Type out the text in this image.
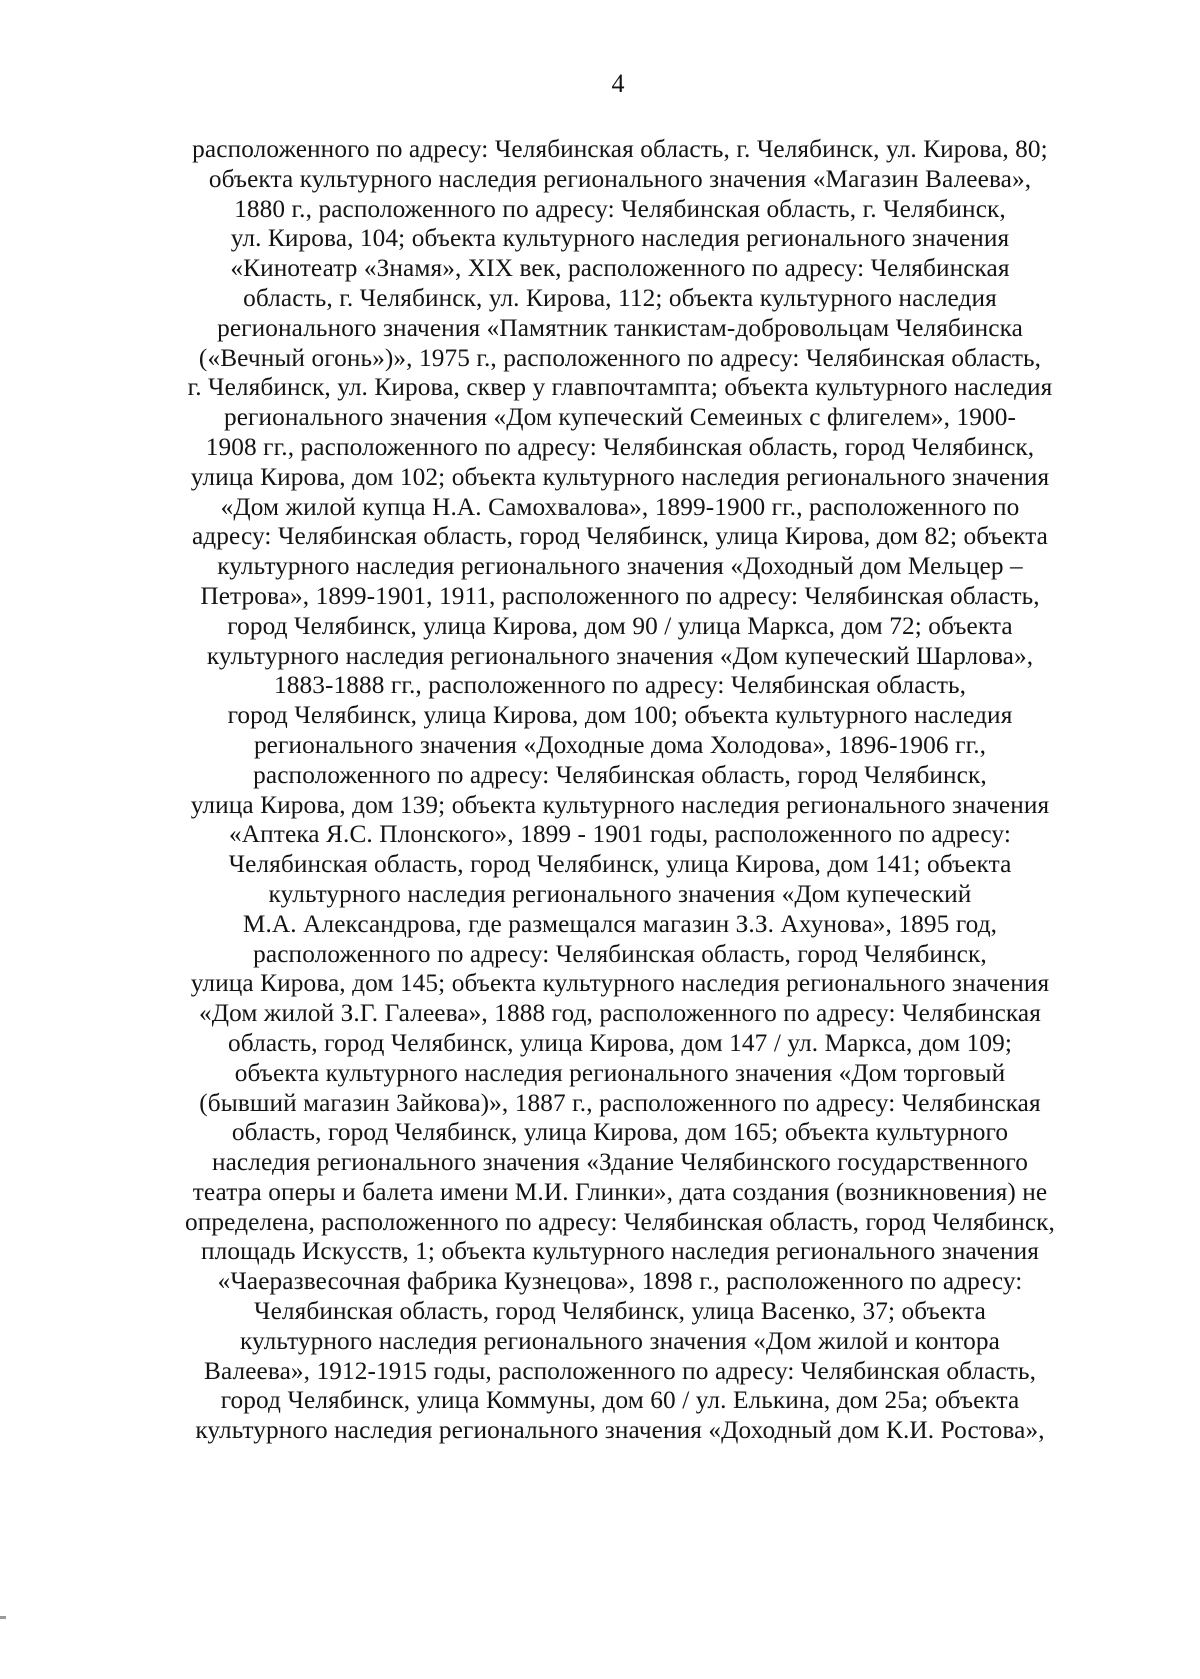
4
расположенного по адресу: Челябинская область, г. Челябинск, ул. Кирова, 80;
объекта культурного наследия регионального значения «Магазин Валеева»,
1880 г., расположенного по адресу: Челябинская область, г. Челябинск,
ул. Кирова, 104; объекта культурного наследия регионального значения
«Кинотеатр «Знамя», XIX век, расположенного по адресу: Челябинская
область, г. Челябинск, ул. Кирова, 112; объекта культурного наследия
регионального значения «Памятник танкистам-добровольцам Челябинска
(«Вечный огонь»)», 1975 г., расположенного по адресу: Челябинская область,
г. Челябинск, ул. Кирова, сквер у главпочтампта; объекта культурного наследия
регионального значения «Дом купеческий Семеиных с флигелем», 1900-
1908 гг., расположенного по адресу: Челябинская область, город Челябинск,
улица Кирова, дом 102; объекта культурного наследия регионального значения
«Дом жилой купца Н.А. Самохвалова», 1899-1900 гг., расположенного по
адресу: Челябинская область, город Челябинск, улица Кирова, дом 82; объекта
культурного наследия регионального значения «Доходный дом Мельцер –
Петрова», 1899-1901, 1911, расположенного по адресу: Челябинская область,
город Челябинск, улица Кирова, дом 90 / улица Маркса, дом 72; объекта
культурного наследия регионального значения «Дом купеческий Шарлова»,
1883-1888 гг., расположенного по адресу: Челябинская область,
город Челябинск, улица Кирова, дом 100; объекта культурного наследия
регионального значения «Доходные дома Холодова», 1896-1906 гг.,
расположенного по адресу: Челябинская область, город Челябинск,
улица Кирова, дом 139; объекта культурного наследия регионального значения
«Аптека Я.С. Плонского», 1899 - 1901 годы, расположенного по адресу:
Челябинская область, город Челябинск, улица Кирова, дом 141; объекта
культурного наследия регионального значения «Дом купеческий
М.А. Александрова, где размещался магазин З.З. Ахунова», 1895 год,
расположенного по адресу: Челябинская область, город Челябинск,
улица Кирова, дом 145; объекта культурного наследия регионального значения
«Дом жилой З.Г. Галеева», 1888 год, расположенного по адресу: Челябинская
область, город Челябинск, улица Кирова, дом 147 / ул. Маркса, дом 109;
объекта культурного наследия регионального значения «Дом торговый
(бывший магазин Зайкова)», 1887 г., расположенного по адресу: Челябинская
область, город Челябинск, улица Кирова, дом 165; объекта культурного
наследия регионального значения «Здание Челябинского государственного
театра оперы и балета имени М.И. Глинки», дата создания (возникновения) не
определена, расположенного по адресу: Челябинская область, город Челябинск,
площадь Искусств, 1; объекта культурного наследия регионального значения
«Чаеразвесочная фабрика Кузнецова», 1898 г., расположенного по адресу:
Челябинская область, город Челябинск, улица Васенко, 37; объекта
культурного наследия регионального значения «Дом жилой и контора
Валеева», 1912-1915 годы, расположенного по адресу: Челябинская область,
город Челябинск, улица Коммуны, дом 60 / ул. Елькина, дом 25а; объекта
культурного наследия регионального значения «Доходный дом К.И. Ростова»,
